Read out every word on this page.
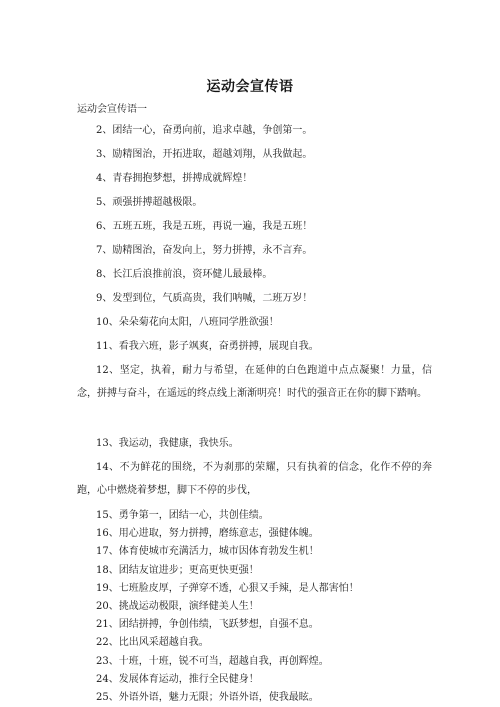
运动会宣传语
运动会宣传语一
2、团结一心，奋勇向前，追求卓越，争创第一。
3、励精图治，开拓进取，超越刘翔，从我做起。
4、青春拥抱梦想，拼搏成就辉煌！
5、顽强拼搏超越极限。
6、五班五班，我是五班，再说一遍，我是五班！
7、励精图治，奋发向上，努力拼搏，永不言弃。
8、长江后浪推前浪，资环健儿最最棒。
9、发型到位，气质高贵，我们呐喊，二班万岁！
10、朵朵菊花向太阳，八班同学胜欲强！
11、看我六班，影子飒爽，奋勇拼搏，展现自我。
12、坚定，执着，耐力与希望，在延伸的白色跑道中点点凝聚！力量，信念，拼搏与奋斗，在遥远的终点线上渐渐明亮！时代的强音正在你的脚下踏响。
13、我运动，我健康，我快乐。
14、不为鲜花的围绕，不为刹那的荣耀，只有执着的信念，化作不停的奔跑，心中燃烧着梦想，脚下不停的步伐，
15、勇争第一，团结一心，共创佳绩。
16、用心进取，努力拼搏，磨练意志，强健体魄。
17、体育使城市充满活力，城市因体育勃发生机！
18、团结友谊进步；更高更快更强！
19、七班脸皮厚，子弹穿不透，心狠又手辣，是人都害怕！
20、挑战运动极限，演绎健美人生！
21、团结拼搏，争创伟绩，飞跃梦想，自强不息。
22、比出风采超越自我。
23、十班，十班，锐不可当，超越自我，再创辉煌。
24、发展体育运动，推行全民健身！
25、外语外语，魅力无限；外语外语，使我最眩。
